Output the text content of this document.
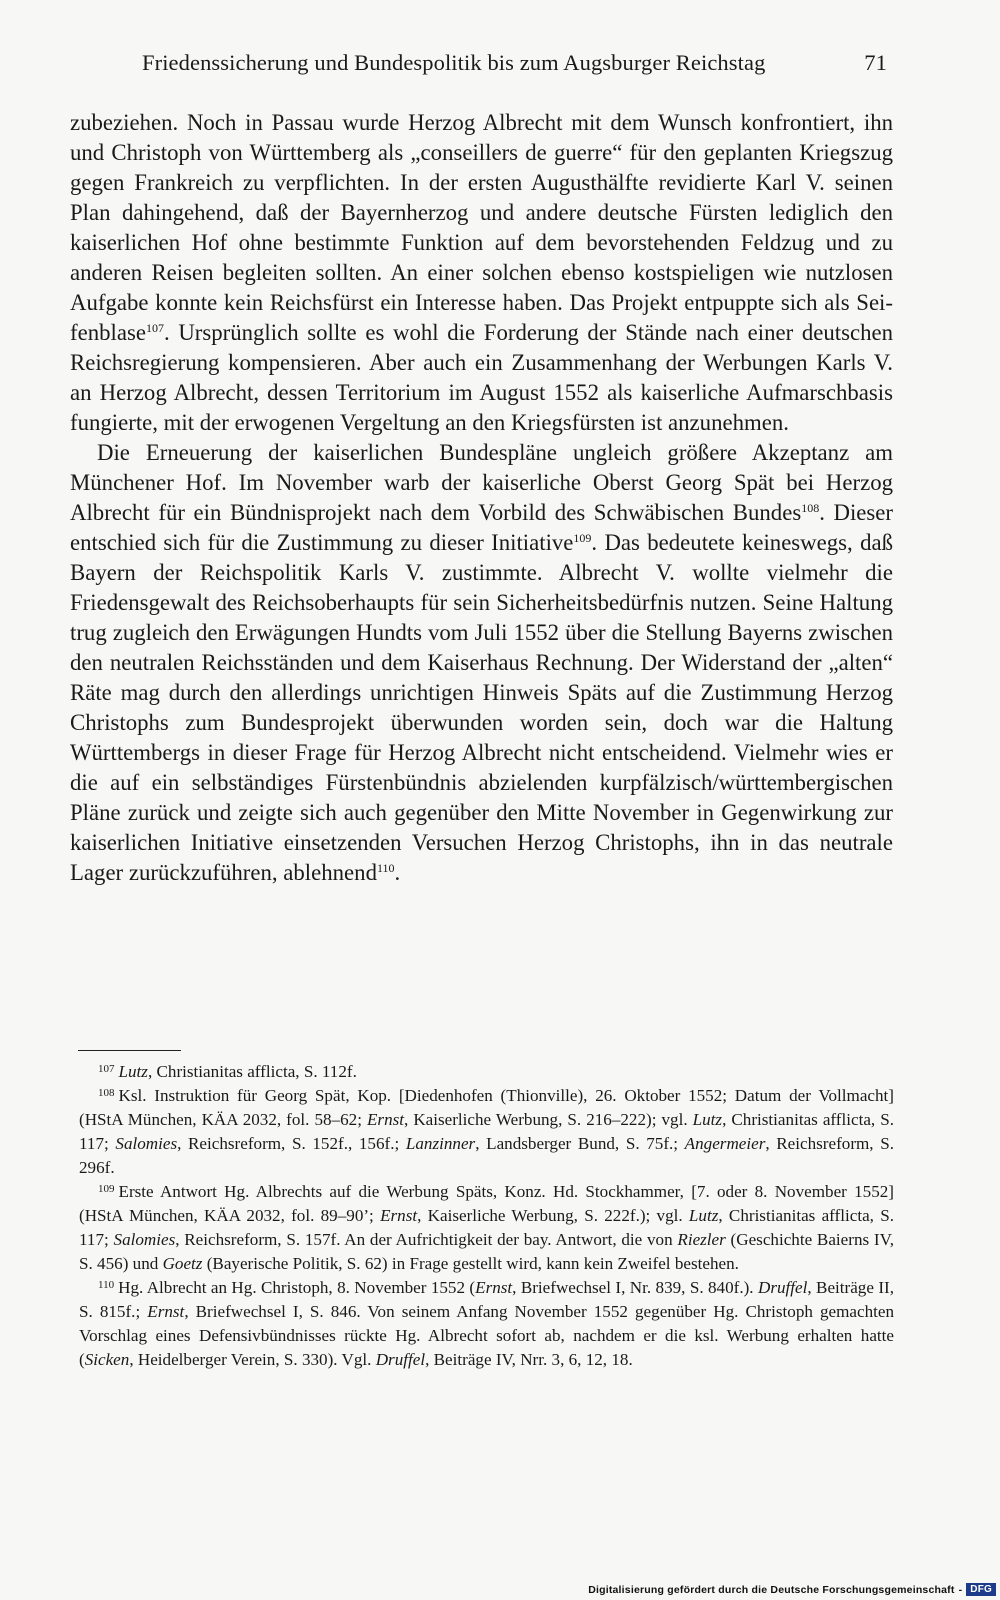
Friedenssicherung und Bundespolitik bis zum Augsburger Reichstag	71

zubeziehen. Noch in Passau wurde Herzog Albrecht mit dem Wunsch konfrontiert, ihn und Christoph von Württemberg als „conseillers de guerre“ für den geplanten Kriegszug gegen Frankreich zu verpflichten. In der ersten Augusthälfte revidierte Karl V. seinen Plan dahingehend, daß der Bayernherzog und andere deutsche Fürsten lediglich den kaiserlichen Hof ohne bestimmte Funktion auf dem bevorstehenden Feldzug und zu anderen Reisen begleiten sollten. An einer solchen ebenso kostspieligen wie nutzlosen Aufgabe konnte kein Reichsfürst ein Interesse haben. Das Projekt entpuppte sich als Seifenblase$^{107}$. Ursprünglich sollte es wohl die Forderung der Stände nach einer deutschen Reichsregierung kompensieren. Aber auch ein Zusammenhang der Werbungen Karls V. an Herzog Albrecht, dessen Territorium im August 1552 als kaiserliche Aufmarschbasis fungierte, mit der erwogenen Vergeltung an den Kriegsfürsten ist anzunehmen.

Die Erneuerung der kaiserlichen Bundespläne ungleich größere Akzeptanz am Münchener Hof. Im November warb der kaiserliche Oberst Georg Spät bei Herzog Albrecht für ein Bündnisprojekt nach dem Vorbild des Schwäbischen Bundes$^{108}$. Dieser entschied sich für die Zustimmung zu dieser Initiative$^{109}$. Das bedeutete keineswegs, daß Bayern der Reichspolitik Karls V. zustimmte. Albrecht V. wollte vielmehr die Friedensgewalt des Reichsoberhaupts für sein Sicherheitsbedürfnis nutzen. Seine Haltung trug zugleich den Erwägungen Hundts vom Juli 1552 über die Stellung Bayerns zwischen den neutralen Reichsständen und dem Kaiserhaus Rechnung. Der Widerstand der „alten“ Räte mag durch den allerdings unrichtigen Hinweis Späts auf die Zustimmung Herzog Christophs zum Bundesprojekt überwunden worden sein, doch war die Haltung Württembergs in dieser Frage für Herzog Albrecht nicht entscheidend. Vielmehr wies er die auf ein selbständiges Fürstenbündnis abzielenden kurpfälzisch/württembergischen Pläne zurück und zeigte sich auch gegenüber den Mitte November in Gegenwirkung zur kaiserlichen Initiative einsetzenden Versuchen Herzog Christophs, ihn in das neutrale Lager zurückzuführen, ablehnend$^{110}$.

$^{107}$ Lutz, Christianitas afflicta, S. 112f.

$^{108}$ Ksl. Instruktion für Georg Spät, Kop. [Diedenhofen (Thionville), 26. Oktober 1552; Datum der Vollmacht] (HStA München, KÄA 2032, fol. 58–62; Ernst, Kaiserliche Werbung, S. 216–222); vgl. Lutz, Christianitas afflicta, S. 117; Salomies, Reichsreform, S. 152f., 156f.; Lanzinner, Landsberger Bund, S. 75f.; Angermeier, Reichsreform, S. 296f.

$^{109}$ Erste Antwort Hg. Albrechts auf die Werbung Späts, Konz. Hd. Stockhammer, [7. oder 8. November 1552] (HStA München, KÄA 2032, fol. 89–90’; Ernst, Kaiserliche Werbung, S. 222f.); vgl. Lutz, Christianitas afflicta, S. 117; Salomies, Reichsreform, S. 157f. An der Aufrichtigkeit der bay. Antwort, die von Riezler (Geschichte Baierns IV, S. 456) und Goetz (Bayerische Politik, S. 62) in Frage gestellt wird, kann kein Zweifel bestehen.

$^{110}$ Hg. Albrecht an Hg. Christoph, 8. November 1552 (Ernst, Briefwechsel I, Nr. 839, S. 840f.). Druffel, Beiträge II, S. 815f.; Ernst, Briefwechsel I, S. 846. Von seinem Anfang November 1552 gegenüber Hg. Christoph gemachten Vorschlag eines Defensivbündnisses rückte Hg. Albrecht sofort ab, nachdem er die ksl. Werbung erhalten hatte (Sicken, Heidelberger Verein, S. 330). Vgl. Druffel, Beiträge IV, Nrr. 3, 6, 12, 18.

Digitalisierung gefördert durch die Deutsche Forschungsgemeinschaft - DFG
